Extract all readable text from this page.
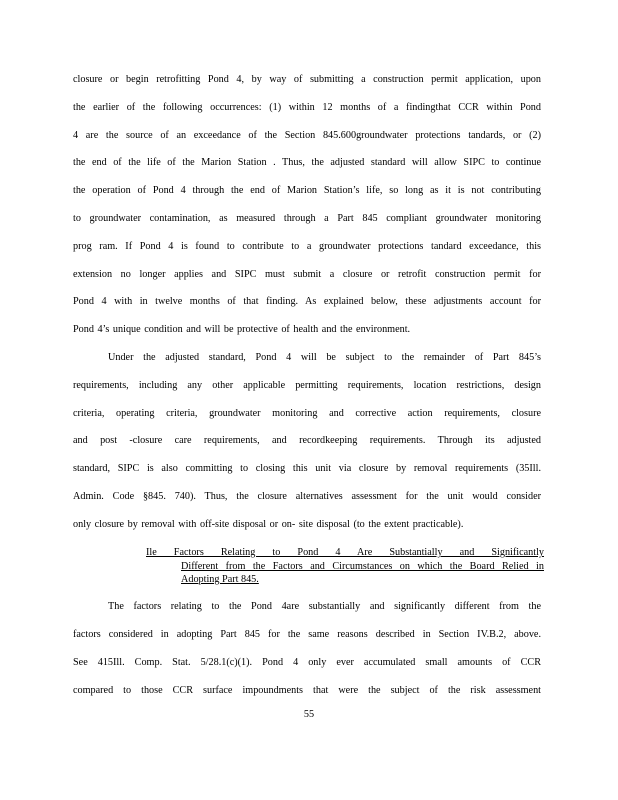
closure or begin retrofitting Pond 4, by way of submitting a construction permit application, upon
the earlier of the following occurrences: (1) within 12 months of a findingthat CCR within Pond
4 are the source of an exceedance of the Section 845.600groundwater protections tandards, or (2)
the end of the life of the Marion Station . Thus, the adjusted standard will allow SIPC to continue
the operation of Pond 4 through the end of Marion Station’s life, so long as it is not contributing
to groundwater contamination, as measured through a Part 845 compliant groundwater monitoring
prog ram. If Pond 4 is found to contribute to a groundwater protections tandard exceedance, this
extension no longer applies and SIPC must submit a closure or retrofit construction permit for
Pond 4 with in twelve months of that finding. As explained below, these adjustments account for
Pond 4’s unique condition and will be protective of health and the environment.
Under the adjusted standard, Pond 4 will be subject to the remainder of Part 845’s
requirements, including any other applicable permitting requirements, location restrictions, design
criteria, operating criteria, groundwater monitoring and corrective action requirements, closure
and post -closure care requirements, and recordkeeping requirements. Through its adjusted
standard, SIPC is also committing to closing this unit via closure by removal requirements (35Ill.
Admin. Code §845. 740). Thus, the closure alternatives assessment for the unit would consider
only closure by removal with off-site disposal or on- site disposal (to the extent practicable).
Ile Factors Relating to Pond 4 Are Substantially and Significantly
Different from the Factors and Circumstances on which the Board Relied in
Adopting Part 845.
The factors relating to the Pond 4are substantially and significantly different from the
factors considered in adopting Part 845 for the same reasons described in Section IV.B.2, above.
See 415Ill. Comp. Stat. 5/28.1(c)(1). Pond 4 only ever accumulated small amounts of CCR
compared to those CCR surface impoundments that were the subject of the risk assessment
55
